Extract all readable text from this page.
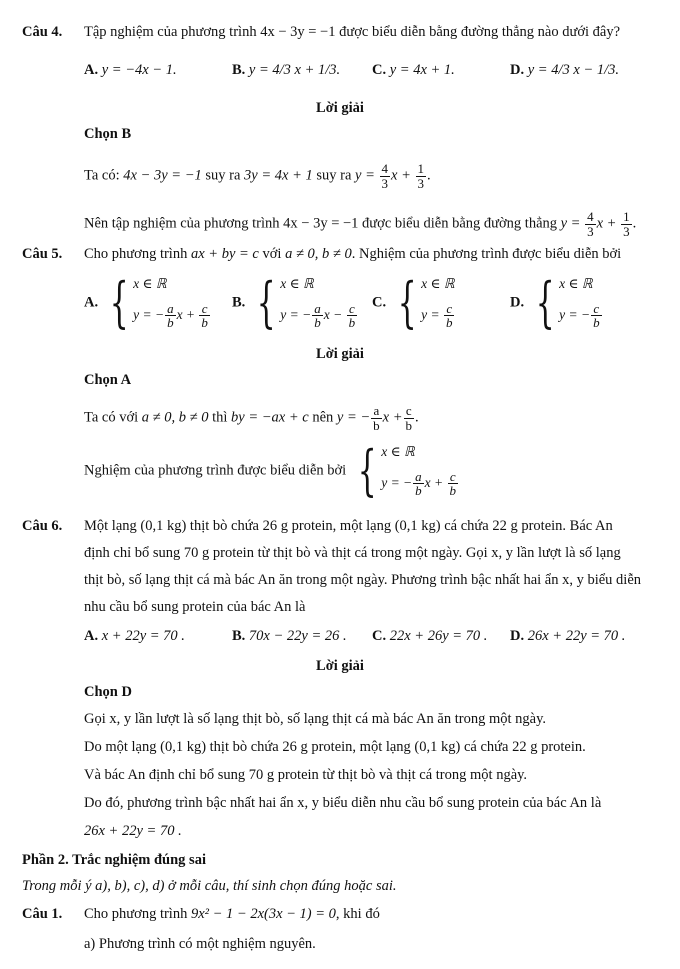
Câu 4. Tập nghiệm của phương trình 4x − 3y = −1 được biểu diễn bằng đường thẳng nào dưới đây?
A. y = −4x − 1.	B. y = 4/3 x + 1/3. C. y = 4x + 1.	D. y = 4/3 x − 1/3.
Lời giải
Chọn B
Ta có: 4x − 3y = −1 suy ra 3y = 4x + 1 suy ra $y = \frac{4}{3}$ $x + \frac{1}{3}$ .
Nên tập nghiệm của phương trình 4x − 3y = −1 được biểu diễn bằng đường thẳng $y = \frac{4}{3}$ $x + \frac{1}{3}$ .
Câu 5. Cho phương trình ax + by = c với a ≠ 0, b ≠ 0. Nghiệm của phương trình được biểu diễn bởi
A. { x ∈ ℝ
y = − $\frac{a}{b}$ $x + \frac{c}{b} B$. { x ∈ ℝ
y = − $\frac{a}{b}$ $x - \frac{c}{b} C$. { x ∈ ℝ
$y = \frac{c}{b}$	D. { x ∈ ℝ
y = − $\frac{c}{b}$
Lời giải
Chọn A
Ta có với a ≠ 0, b ≠ 0 thì by = −ax + c nên y = − $\frac{a}{b}$ $x + \frac{c}{b}$ .
Nghiệm của phương trình được biểu diễn bởi { x ∈ ℝ
y = − $\frac{a}{b}$ $x + \frac{c}{b}$
Câu 6. Một lạng (0,1 kg) thịt bò chứa 26 g protein, một lạng (0,1 kg) cá chứa 22 g protein. Bác An
định chỉ bổ sung 70 g protein từ thịt bò và thịt cá trong một ngày. Gọi x, y lần lượt là số lạng
thịt bò, số lạng thịt cá mà bác An ăn trong một ngày. Phương trình bậc nhất hai ẩn x, y biểu diễn
nhu cầu bổ sung protein của bác An là
A. x + 22y = 70 .	B. 70x − 22y = 26 . C. 22x + 26y = 70 . D. 26x + 22y = 70 .
Lời giải
Chọn D
Gọi x, y lần lượt là số lạng thịt bò, số lạng thịt cá mà bác An ăn trong một ngày.
Do một lạng (0,1 kg) thịt bò chứa 26 g protein, một lạng (0,1 kg) cá chứa 22 g protein.
Và bác An định chỉ bổ sung 70 g protein từ thịt bò và thịt cá trong một ngày.
Do đó, phương trình bậc nhất hai ẩn x, y biểu diễn nhu cầu bổ sung protein của bác An là
26x + 22y = 70 .
Phần 2. Trắc nghiệm đúng sai
Trong mỗi ý a), b), c), d) ở mỗi câu, thí sinh chọn đúng hoặc sai.
Câu 1. Cho phương trình 9x² − 1 − 2x(3x − 1) = 0, khi đó
a) Phương trình có một nghiệm nguyên.
